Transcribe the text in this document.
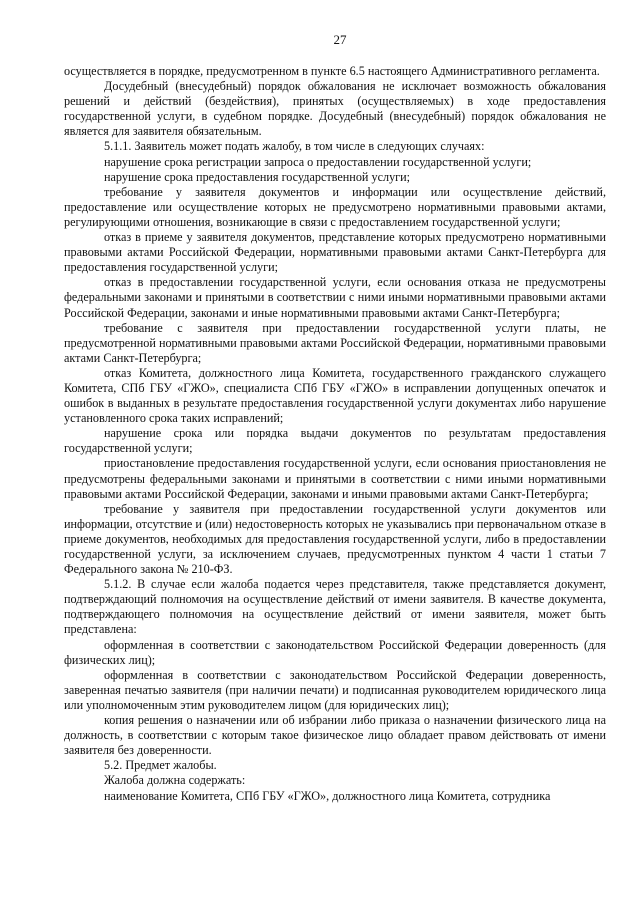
27

осуществляется в порядке, предусмотренном в пункте 6.5 настоящего Административного регламента.

Досудебный (внесудебный) порядок обжалования не исключает возможность обжалования решений и действий (бездействия), принятых (осуществляемых) в ходе предоставления государственной услуги, в судебном порядке. Досудебный (внесудебный) порядок обжалования не является для заявителя обязательным.

5.1.1. Заявитель может подать жалобу, в том числе в следующих случаях:

нарушение срока регистрации запроса о предоставлении государственной услуги;

нарушение срока предоставления государственной услуги;

требование у заявителя документов и информации или осуществление действий, предоставление или осуществление которых не предусмотрено нормативными правовыми актами, регулирующими отношения, возникающие в связи с предоставлением государственной услуги;

отказ в приеме у заявителя документов, представление которых предусмотрено нормативными правовыми актами Российской Федерации, нормативными правовыми актами Санкт-Петербурга для предоставления государственной услуги;

отказ в предоставлении государственной услуги, если основания отказа не предусмотрены федеральными законами и принятыми в соответствии с ними иными нормативными правовыми актами Российской Федерации, законами и иные нормативными правовыми актами Санкт-Петербурга;

требование с заявителя при предоставлении государственной услуги платы, не предусмотренной нормативными правовыми актами Российской Федерации, нормативными правовыми актами Санкт-Петербурга;

отказ Комитета, должностного лица Комитета, государственного гражданского служащего Комитета, СПб ГБУ «ГЖО», специалиста СПб ГБУ «ГЖО» в исправлении допущенных опечаток и ошибок в выданных в результате предоставления государственной услуги документах либо нарушение установленного срока таких исправлений;

нарушение срока или порядка выдачи документов по результатам предоставления государственной услуги;

приостановление предоставления государственной услуги, если основания приостановления не предусмотрены федеральными законами и принятыми в соответствии с ними иными нормативными правовыми актами Российской Федерации, законами и иными правовыми актами Санкт-Петербурга;

требование у заявителя при предоставлении государственной услуги документов или информации, отсутствие и (или) недостоверность которых не указывались при первоначальном отказе в приеме документов, необходимых для предоставления государственной услуги, либо в предоставлении государственной услуги, за исключением случаев, предусмотренных пунктом 4 части 1 статьи 7 Федерального закона № 210-ФЗ.

5.1.2. В случае если жалоба подается через представителя, также представляется документ, подтверждающий полномочия на осуществление действий от имени заявителя. В качестве документа, подтверждающего полномочия на осуществление действий от имени заявителя, может быть представлена:

оформленная в соответствии с законодательством Российской Федерации доверенность (для физических лиц);

оформленная в соответствии с законодательством Российской Федерации доверенность, заверенная печатью заявителя (при наличии печати) и подписанная руководителем юридического лица или уполномоченным этим руководителем лицом (для юридических лиц);

копия решения о назначении или об избрании либо приказа о назначении физического лица на должность, в соответствии с которым такое физическое лицо обладает правом действовать от имени заявителя без доверенности.

5.2. Предмет жалобы.

Жалоба должна содержать:

наименование Комитета, СПб ГБУ «ГЖО», должностного лица Комитета, сотрудника
